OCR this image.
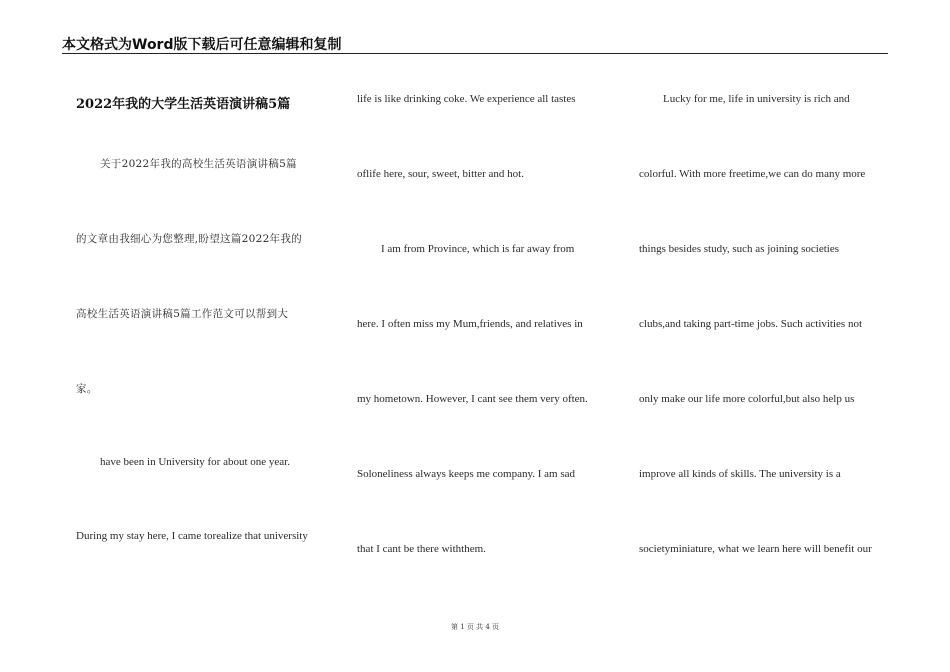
本文格式为Word版下载后可任意编辑和复制
2022年我的大学生活英语演讲稿5篇
关于2022年我的高校生活英语演讲稿5篇
的文章由我细心为您整理,盼望这篇2022年我的
高校生活英语演讲稿5篇工作范文可以帮到大
家。
have been in University for about one year.
During my stay here, I came torealize that university
life is like drinking coke. We experience all tastes
oflife here, sour, sweet, bitter and hot.
I am from Province, which is far away from
here. I often miss my Mum,friends, and relatives in
my hometown. However, I cant see them very often.
Soloneliness always keeps me company. I am sad
that I cant be there withthem.
Lucky for me, life in university is rich and
colorful. With more freetime,we can do many more
things besides study, such as joining societies
clubs,and taking part-time jobs. Such activities not
only make our life more colorful,but also help us
improve all kinds of skills. The university is a
societyminiature, what we learn here will benefit our
第 1 页 共 4 页
